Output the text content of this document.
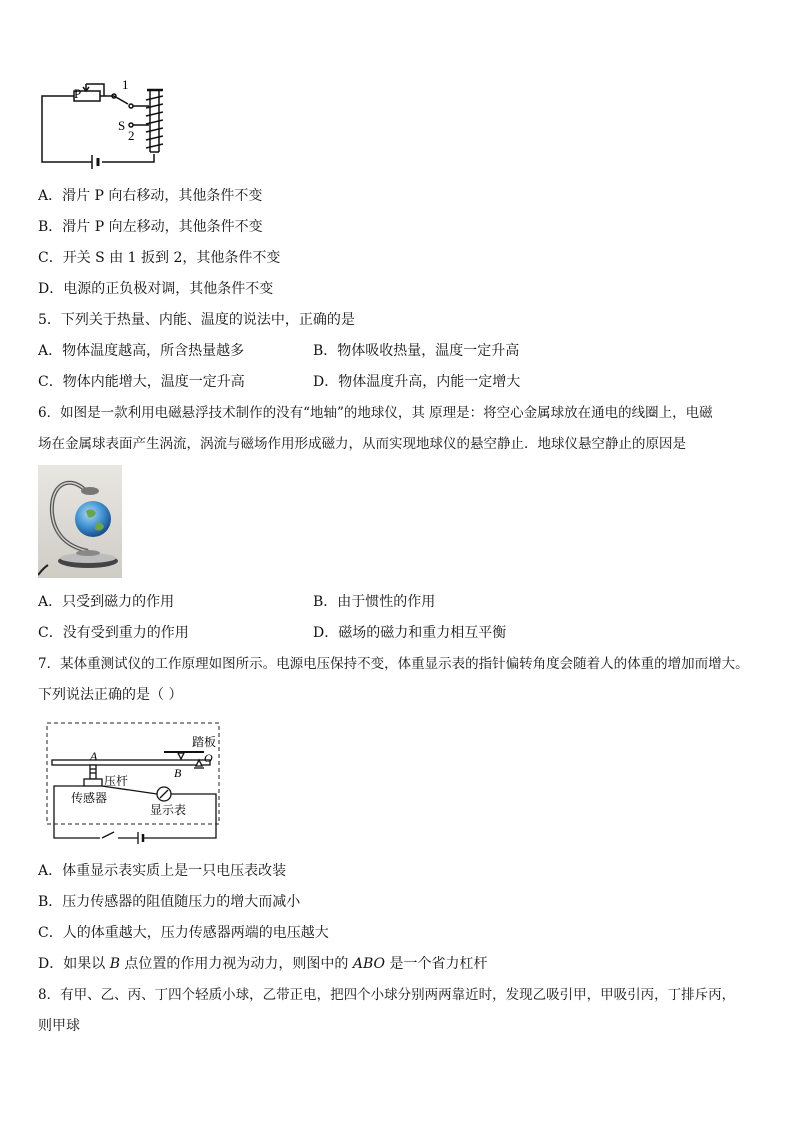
P
1
S
2
A．滑片 P 向右移动，其他条件不变
B．滑片 P 向左移动，其他条件不变
C．开关 S 由 1 扳到 2，其他条件不变
D．电源的正负极对调，其他条件不变
5．下列关于热量、内能、温度的说法中，正确的是
A．物体温度越高，所含热量越多	B．物体吸收热量，温度一定升高
C．物体内能增大，温度一定升高	D．物体温度升高，内能一定增大
6．如图是一款利用电磁悬浮技术制作的没有“地轴”的地球仪，其 原理是：将空心金属球放在通电的线圈上，电磁
场在金属球表面产生涡流，涡流与磁场作用形成磁力，从而实现地球仪的悬空静止．地球仪悬空静止的原因是
A．只受到磁力的作用	B．由于惯性的作用
C．没有受到重力的作用	D．磁场的磁力和重力相互平衡
7．某体重测试仪的工作原理如图所示。电源电压保持不变，体重显示表的指针偏转角度会随着人的体重的增加而增大。
下列说法正确的是（ ）
踏板
A
B
O
压杆
传感器
显示表
A．体重显示表实质上是一只电压表改装
B．压力传感器的阻值随压力的增大而减小
C．人的体重越大，压力传感器两端的电压越大
D．如果以 B 点位置的作用力视为动力，则图中的 ABO 是一个省力杠杆
8．有甲、乙、丙、丁四个轻质小球，乙带正电，把四个小球分别两两靠近时，发现乙吸引甲，甲吸引丙，丁排斥丙，
则甲球
